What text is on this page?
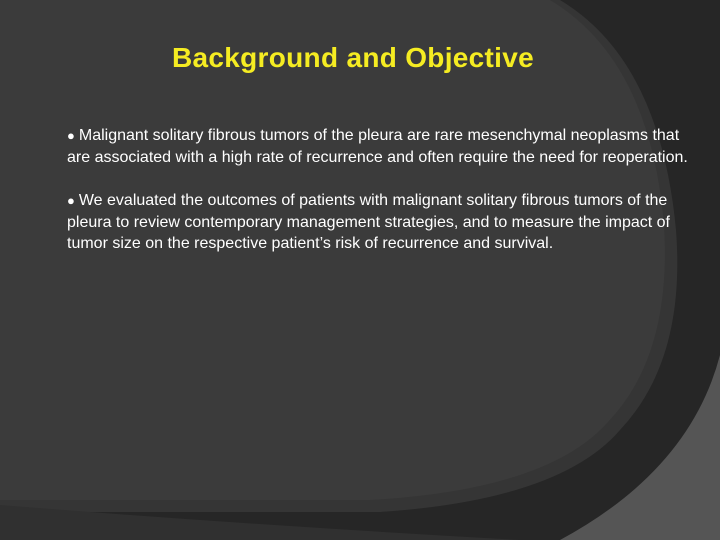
Background and Objective

● Malignant solitary fibrous tumors of the pleura are rare mesenchymal neoplasms that are associated with a high rate of recurrence and often require the need for reoperation.

● We evaluated the outcomes of patients with malignant solitary fibrous tumors of the pleura to review contemporary management strategies, and to measure the impact of tumor size on the respective patient’s risk of recurrence and survival.
